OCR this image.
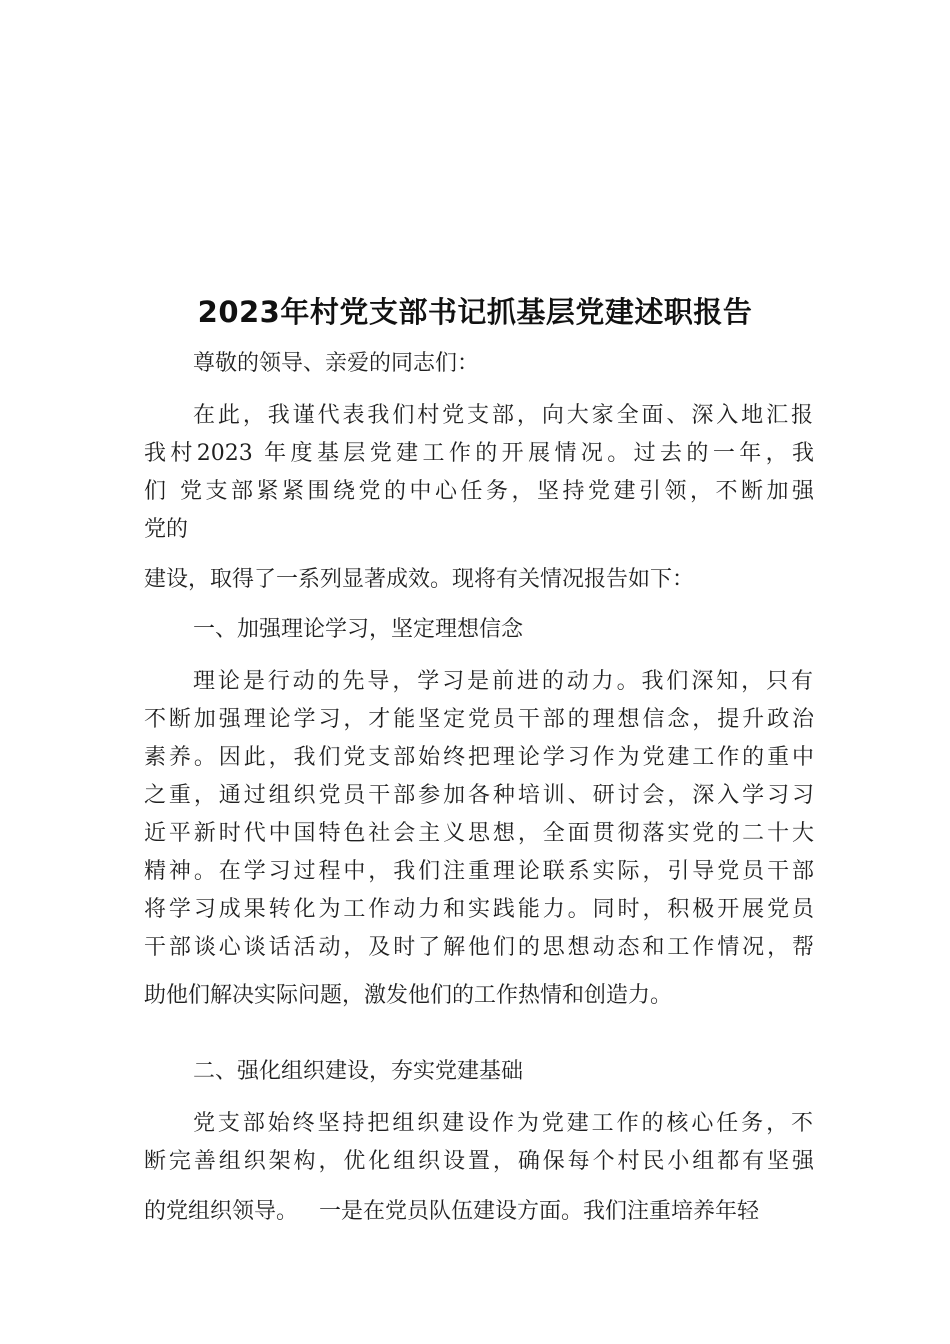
2023年村党支部书记抓基层党建述职报告
尊敬的领导、亲爱的同志们：
在此，我谨代表我们村党支部，向大家全面、深入地汇报
我村2023 年度基层党建工作的开展情况。过去的一年，我
们 党支部紧紧围绕党的中心任务，坚持党建引领，不断加强
党的
建设，取得了一系列显著成效。现将有关情况报告如下：
一、加强理论学习，坚定理想信念
理论是行动的先导，学习是前进的动力。我们深知，只有
不断加强理论学习，才能坚定党员干部的理想信念，提升政治
素养。因此，我们党支部始终把理论学习作为党建工作的重中
之重，通过组织党员干部参加各种培训、研讨会，深入学习习
近平新时代中国特色社会主义思想，全面贯彻落实党的二十大
精神。在学习过程中，我们注重理论联系实际，引导党员干部
将学习成果转化为工作动力和实践能力。同时，积极开展党员
干部谈心谈话活动，及时了解他们的思想动态和工作情况，帮
助他们解决实际问题，激发他们的工作热情和创造力。
二、强化组织建设，夯实党建基础
党支部始终坚持把组织建设作为党建工作的核心任务，不
断完善组织架构，优化组织设置，确保每个村民小组都有坚强
的党组织领导。   一是在党员队伍建设方面。我们注重培养年轻
